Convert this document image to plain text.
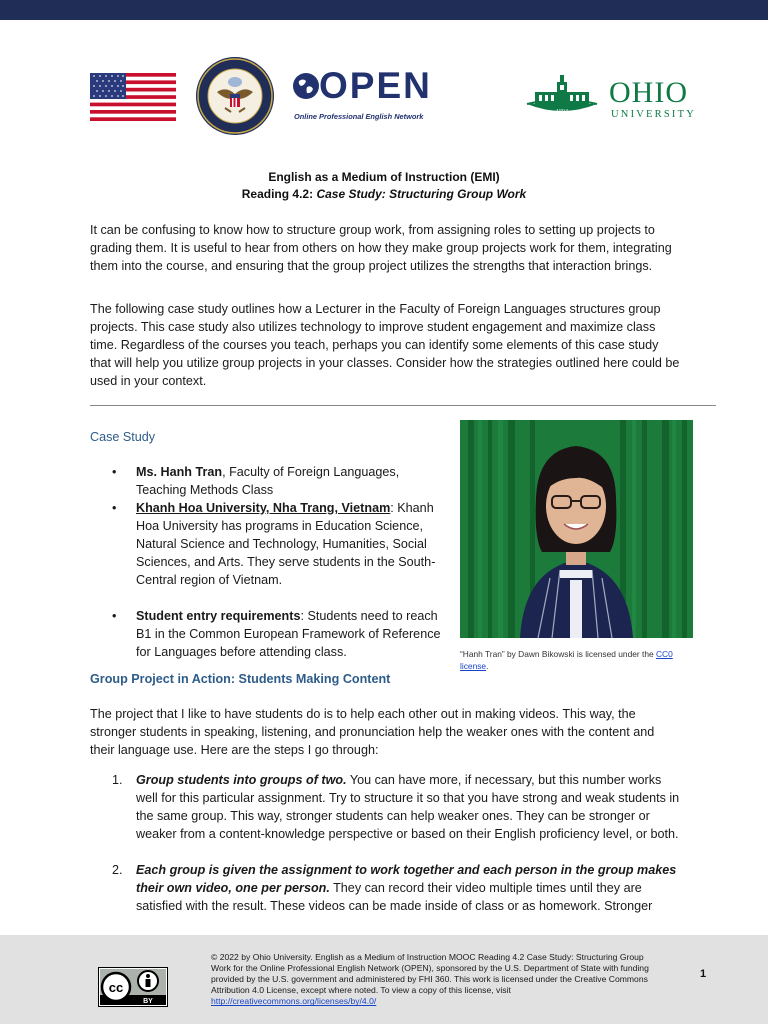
OPEN
Online Professional English Network	1804
OHIO
UNIVERSITY
English as a Medium of Instruction (EMI)
Reading 4.2: Case Study: Structuring Group Work

It can be confusing to know how to structure group work, from assigning roles to setting up projects to grading them. It is useful to hear from others on how they make group projects work for them, integrating them into the course, and ensuring that the group project utilizes the strengths that interaction brings.

The following case study outlines how a Lecturer in the Faculty of Foreign Languages structures group projects. This case study also utilizes technology to improve student engagement and maximize class time. Regardless of the courses you teach, perhaps you can identify some elements of this case study that will help you utilize group projects in your classes. Consider how the strategies outlined here could be used in your context.

Case Study
• Ms. Hanh Tran, Faculty of Foreign Languages, Teaching Methods Class
• Khanh Hoa University, Nha Trang, Vietnam: Khanh Hoa University has programs in Education Science, Natural Science and Technology, Humanities, Social Sciences, and Arts. They serve students in the South-Central region of Vietnam.
• Student entry requirements: Students need to reach B1 in the Common European Framework of Reference for Languages before attending class.	“Hanh Tran” by Dawn Bikowski is licensed under the CC0 license.
Group Project in Action: Students Making Content

The project that I like to have students do is to help each other out in making videos. This way, the stronger students in speaking, listening, and pronunciation help the weaker ones with the content and their language use. Here are the steps I go through:

1. Group students into groups of two. You can have more, if necessary, but this number works well for this particular assignment. Try to structure it so that you have strong and weak students in the same group. This way, stronger students can help weaker ones. They can be stronger or weaker from a content-knowledge perspective or based on their English proficiency level, or both.
2. Each group is given the assignment to work together and each person in the group makes their own video, one per person. They can record their video multiple times until they are satisfied with the result. These videos can be made inside of class or as homework. Stronger
cc
BY
© 2022 by Ohio University. English as a Medium of Instruction MOOC Reading 4.2 Case Study: Structuring Group Work for the Online Professional English Network (OPEN), sponsored by the U.S. Department of State with funding provided by the U.S. government and administered by FHI 360. This work is licensed under the Creative Commons Attribution 4.0 License, except where noted. To view a copy of this license, visit http://creativecommons.org/licenses/by/4.0/
1
